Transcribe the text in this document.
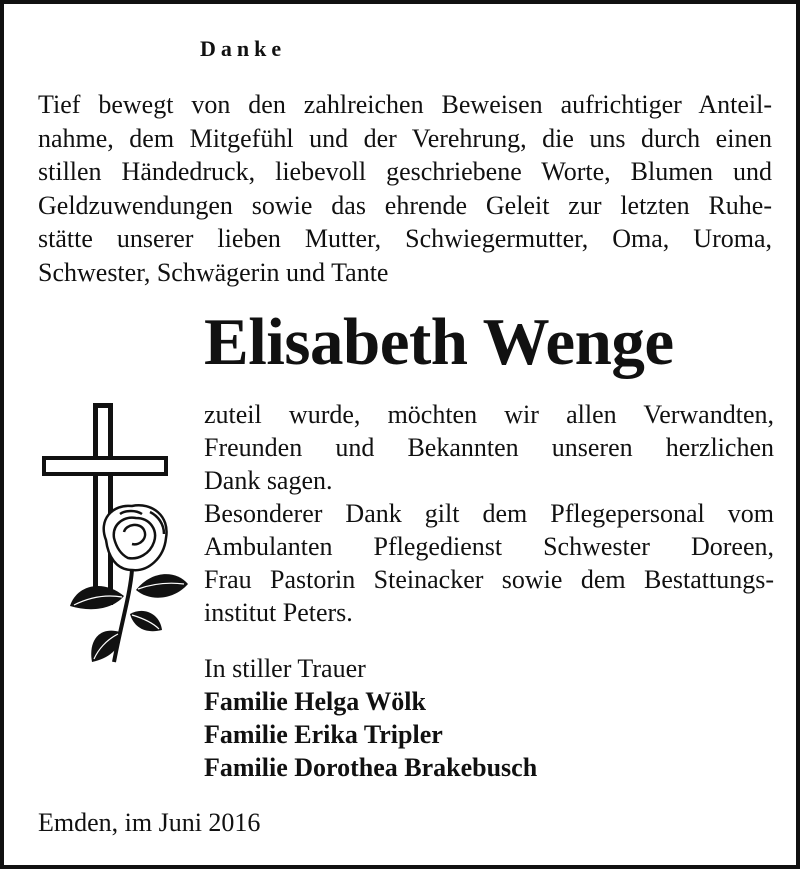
Danke
Tief bewegt von den zahlreichen Beweisen aufrichtiger Anteil-
nahme, dem Mitgefühl und der Verehrung, die uns durch einen
stillen Händedruck, liebevoll geschriebene Worte, Blumen und
Geldzuwendungen sowie das ehrende Geleit zur letzten Ruhe-
stätte unserer lieben Mutter, Schwiegermutter, Oma, Uroma,
Schwester, Schwägerin und Tante
Elisabeth Wenge
zuteil wurde, möchten wir allen Verwandten,
Freunden und Bekannten unseren herzlichen
Dank sagen.
Besonderer Dank gilt dem Pflegepersonal vom
Ambulanten Pflegedienst Schwester Doreen,
Frau Pastorin Steinacker sowie dem Bestattungs-
institut Peters.
In stiller Trauer
Familie Helga Wölk
Familie Erika Tripler
Familie Dorothea Brakebusch
Emden, im Juni 2016
